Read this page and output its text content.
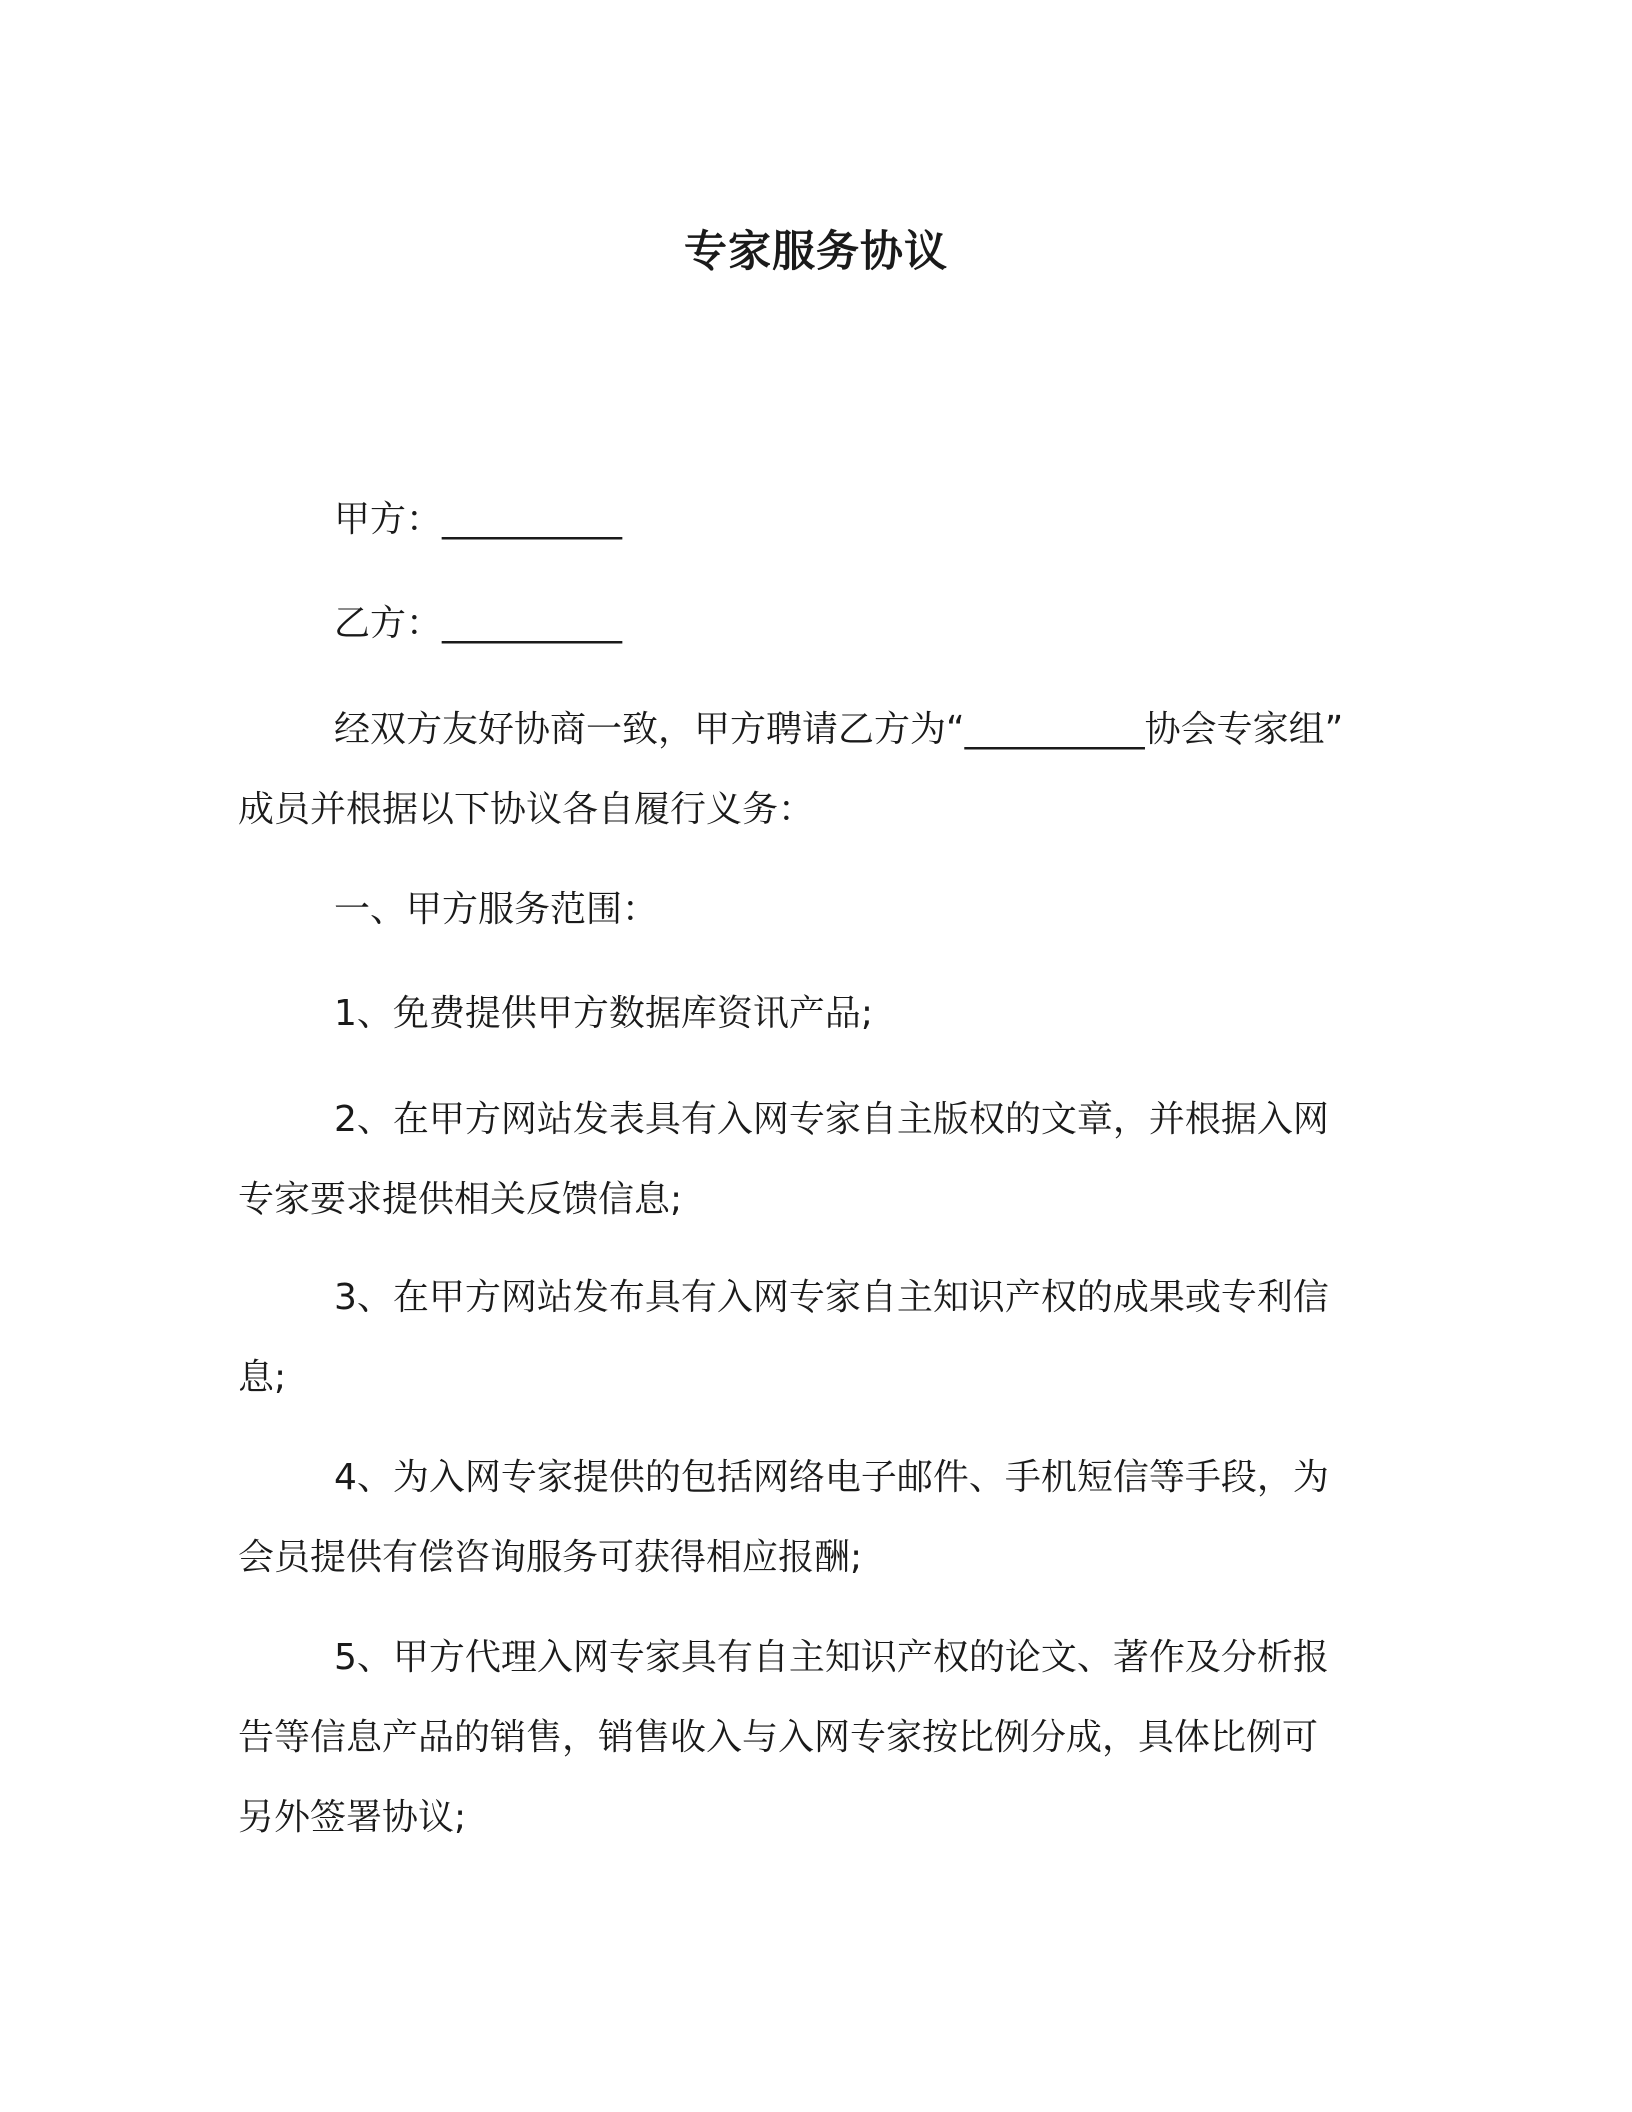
专家服务协议
甲方：__________
乙方：__________
经双方友好协商一致，甲方聘请乙方为“__________协会专家组”
成员并根据以下协议各自履行义务：
一、甲方服务范围：
1、免费提供甲方数据库资讯产品;
2、在甲方网站发表具有入网专家自主版权的文章，并根据入网
专家要求提供相关反馈信息;
3、在甲方网站发布具有入网专家自主知识产权的成果或专利信
息;
4、为入网专家提供的包括网络电子邮件、手机短信等手段，为
会员提供有偿咨询服务可获得相应报酬;
5、甲方代理入网专家具有自主知识产权的论文、著作及分析报
告等信息产品的销售，销售收入与入网专家按比例分成，具体比例可
另外签署协议;
